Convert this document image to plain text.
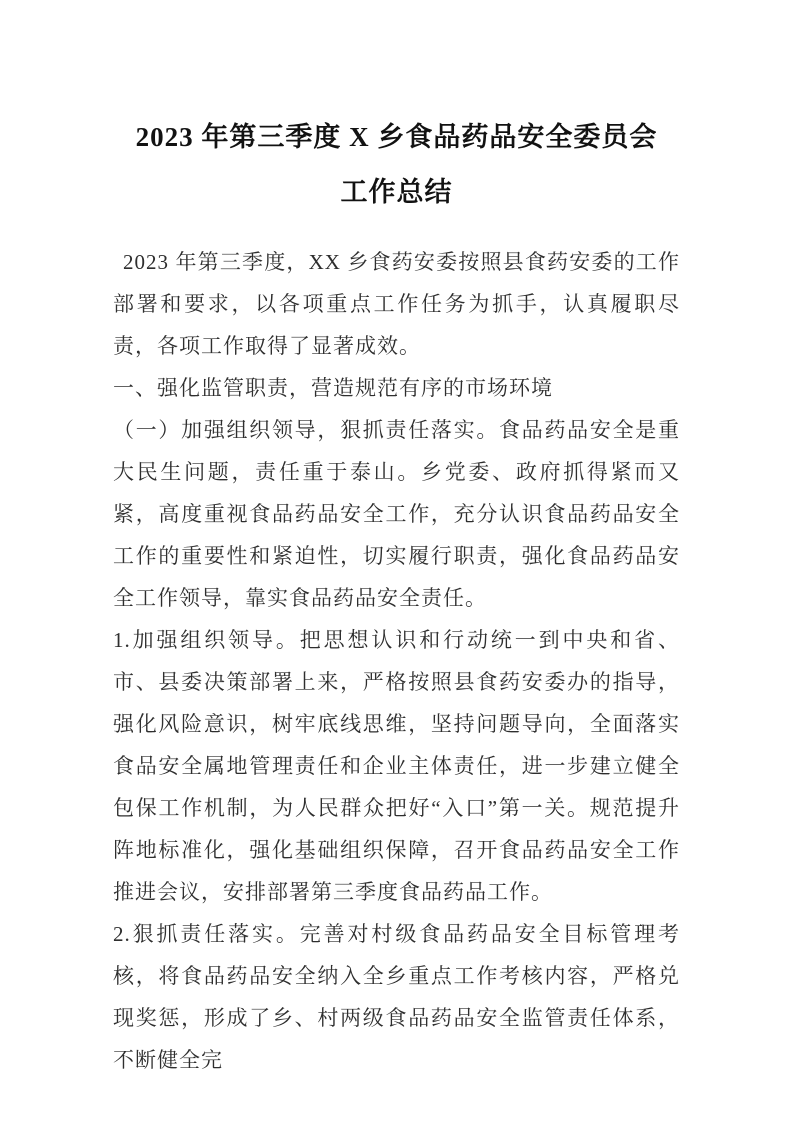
2023 年第三季度 X 乡食品药品安全委员会
工作总结

2023 年第三季度，XX 乡食药安委按照县食药安委的工作部署和要求，以各项重点工作任务为抓手，认真履职尽责，各项工作取得了显著成效。

一、强化监管职责，营造规范有序的市场环境

（一）加强组织领导，狠抓责任落实。食品药品安全是重大民生问题，责任重于泰山。乡党委、政府抓得紧而又紧，高度重视食品药品安全工作，充分认识食品药品安全工作的重要性和紧迫性，切实履行职责，强化食品药品安全工作领导，靠实食品药品安全责任。

1.加强组织领导。把思想认识和行动统一到中央和省、市、县委决策部署上来，严格按照县食药安委办的指导，强化风险意识，树牢底线思维，坚持问题导向，全面落实食品安全属地管理责任和企业主体责任，进一步建立健全包保工作机制，为人民群众把好“入口”第一关。规范提升阵地标准化，强化基础组织保障，召开食品药品安全工作推进会议，安排部署第三季度食品药品工作。

2.狠抓责任落实。完善对村级食品药品安全目标管理考核，将食品药品安全纳入全乡重点工作考核内容，严格兑现奖惩，形成了乡、村两级食品药品安全监管责任体系，不断健全完
